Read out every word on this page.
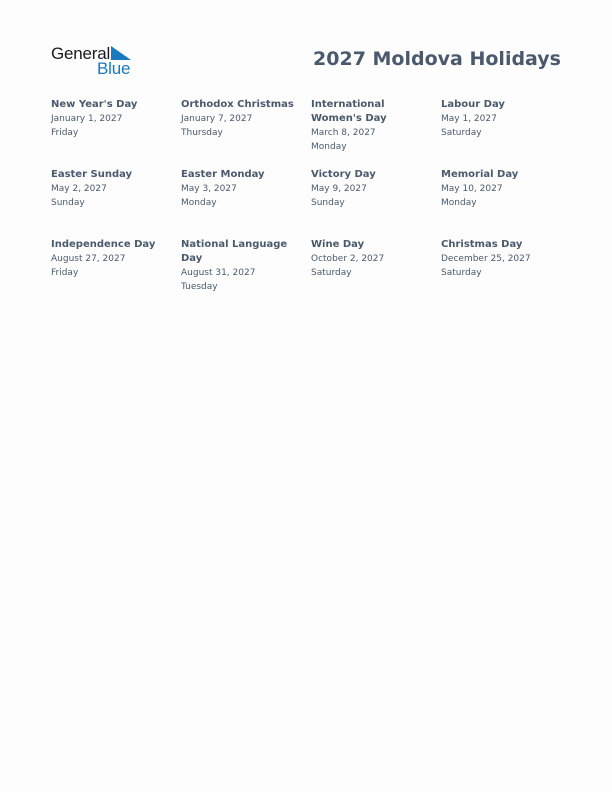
General
Blue	2027 Moldova Holidays
New Year's Day
January 1, 2027
Friday
Orthodox Christmas
January 7, 2027
Thursday
International Women's Day
March 8, 2027
Monday
Labour Day
May 1, 2027
Saturday
Easter Sunday
May 2, 2027
Sunday
Easter Monday
May 3, 2027
Monday
Victory Day
May 9, 2027
Sunday
Memorial Day
May 10, 2027
Monday
Independence Day
August 27, 2027
Friday
National Language Day
August 31, 2027
Tuesday
Wine Day
October 2, 2027
Saturday
Christmas Day
December 25, 2027
Saturday
